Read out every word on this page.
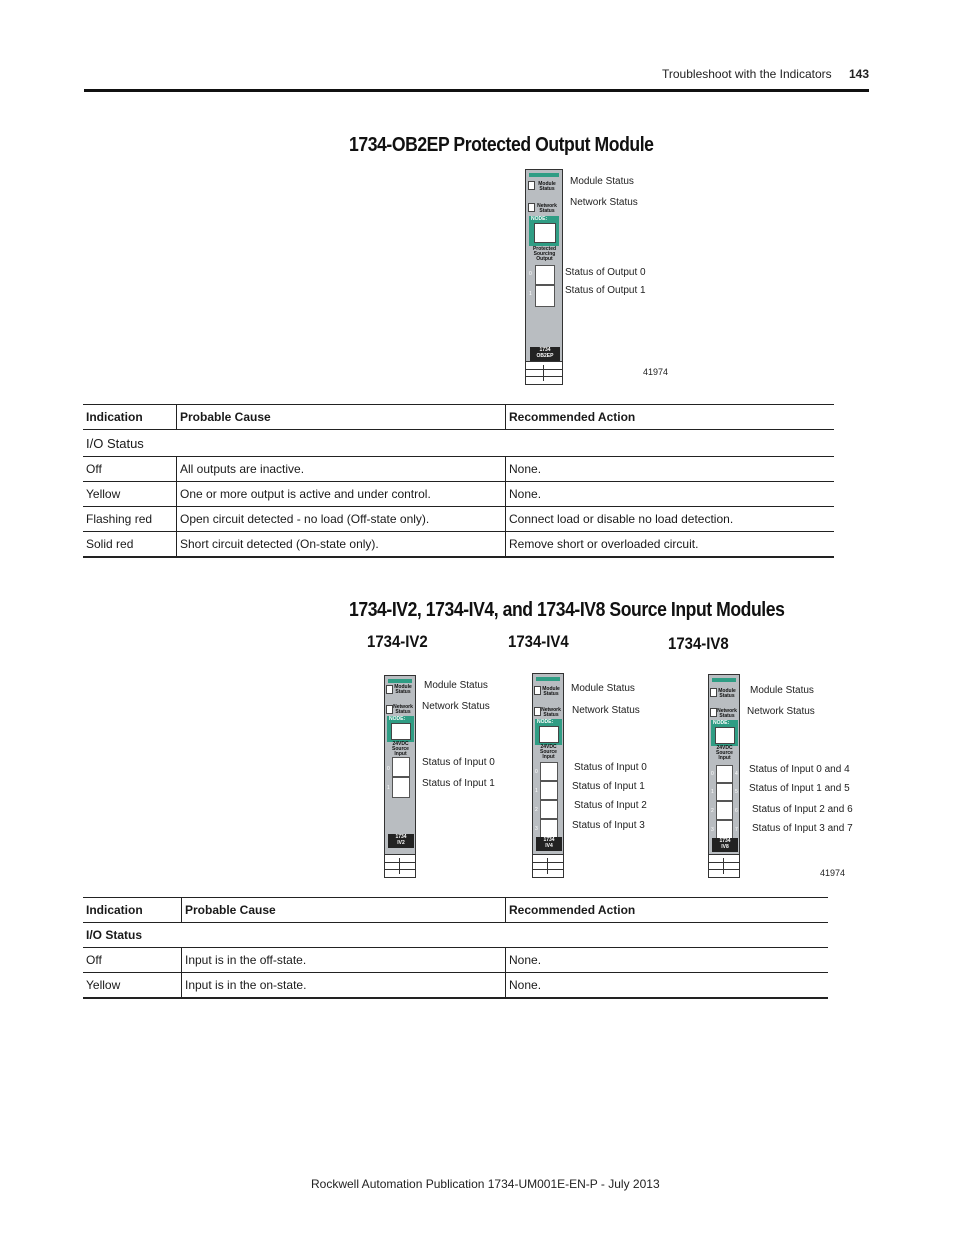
Troubleshoot with the Indicators 143
1734-OB2EP Protected Output Module
Module
Status
Network
Status
NODE:
Protected
Sourcing
Output
0
1
1734
OB2EP
Module Status
Network Status
Status of Output 0
Status of Output 1
41974
Indication	Probable Cause	Recommended Action
I/O Status		
Off	All outputs are inactive.	None.
Yellow	One or more output is active and under control.	None.
Flashing red	Open circuit detected - no load (Off-state only).	Connect load or disable no load detection.
Solid red	Short circuit detected (On-state only).	Remove short or overloaded circuit.
1734-IV2, 1734-IV4, and 1734-IV8 Source Input Modules
1734-IV2	1734-IV4	1734-IV8
Module
Status
Network
Status
NODE:
24VDC
Source
Input
0
1
1734
IV2
Module Status
Network Status
Status of Input 0
Status of Input 1
Module
Status
Network
Status
NODE:
24VDC
Source
Input
0
1
2
3
1734
IV4
Module Status
Network Status
Status of Input 0
Status of Input 1
Status of Input 2
Status of Input 3
Module
Status
Network
Status
NODE:
24VDC
Source
Input
0	4
1	5
2	6
3	7
1734
IV8
Module Status
Network Status
Status of Input 0 and 4
Status of Input 1 and 5
Status of Input 2 and 6
Status of Input 3 and 7
41974
Indication	Probable Cause	Recommended Action
I/O Status		
Off	Input is in the off-state.	None.
Yellow	Input is in the on-state.	None.
Rockwell Automation Publication 1734-UM001E-EN-P - July 2013
